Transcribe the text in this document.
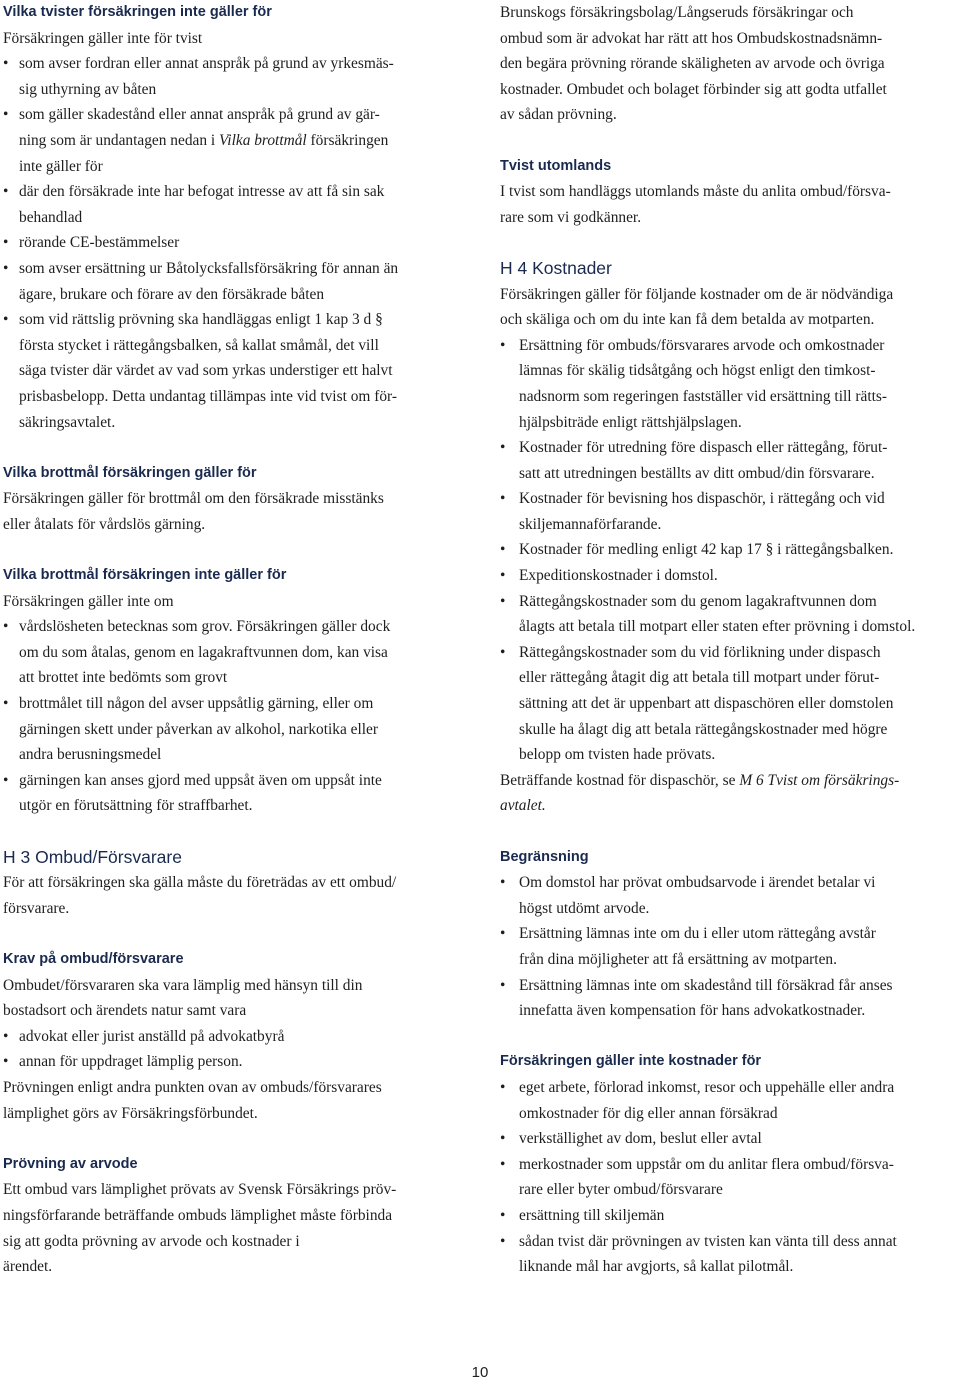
Vilka tvister försäkringen inte gäller för

Försäkringen gäller inte för tvist

• som avser fordran eller annat anspråk på grund av yrkesmäs-

sig uthyrning av båten

• som gäller skadestånd eller annat anspråk på grund av gär-

ning som är undantagen nedan i Vilka brottmål försäkringen

inte gäller för

• där den försäkrade inte har befogat intresse av att få sin sak

behandlad

• rörande CE-bestämmelser

• som avser ersättning ur Båtolycksfallsförsäkring för annan än

ägare, brukare och förare av den försäkrade båten

• som vid rättslig prövning ska handläggas enligt 1 kap 3 d §

första stycket i rättegångsbalken, så kallat småmål, det vill

säga tvister där värdet av vad som yrkas understiger ett halvt

prisbasbelopp. Detta undantag tillämpas inte vid tvist om för-

säkringsavtalet.

Vilka brottmål försäkringen gäller för

Försäkringen gäller för brottmål om den försäkrade misstänks

eller åtalats för vårdslös gärning.

Vilka brottmål försäkringen inte gäller för

Försäkringen gäller inte om

• vårdslösheten betecknas som grov. Försäkringen gäller dock

om du som åtalas, genom en lagakraftvunnen dom, kan visa

att brottet inte bedömts som grovt

• brottmålet till någon del avser uppsåtlig gärning, eller om

gärningen skett under påverkan av alkohol, narkotika eller

andra berusningsmedel

• gärningen kan anses gjord med uppsåt även om uppsåt inte

utgör en förutsättning för straffbarhet.

H 3 Ombud/Försvarare

För att försäkringen ska gälla måste du företrädas av ett ombud/

försvarare.

Krav på ombud/försvarare

Ombudet/försvararen ska vara lämplig med hänsyn till din

bostadsort och ärendets natur samt vara

• advokat eller jurist anställd på advokatbyrå

• annan för uppdraget lämplig person.

Prövningen enligt andra punkten ovan av ombuds/försvarares

lämplighet görs av Försäkringsförbundet.

Prövning av arvode

Ett ombud vars lämplighet prövats av Svensk Försäkrings pröv-

ningsförfarande beträffande ombuds lämplighet måste förbinda

sig att godta prövning av arvode och kostnader i

ärendet.

Brunskogs försäkringsbolag/Långseruds försäkringar och

ombud som är advokat har rätt att hos Ombudskostnadsnämn-

den begära prövning rörande skäligheten av arvode och övriga

kostnader. Ombudet och bolaget förbinder sig att godta utfallet

av sådan prövning.

Tvist utomlands

I tvist som handläggs utomlands måste du anlita ombud/försva-

rare som vi godkänner.

H 4 Kostnader

Försäkringen gäller för följande kostnader om de är nödvändiga

och skäliga och om du inte kan få dem betalda av motparten.

• Ersättning för ombuds/försvarares arvode och omkostnader

lämnas för skälig tidsåtgång och högst enligt den timkost-

nadsnorm som regeringen fastställer vid ersättning till rätts-

hjälpsbiträde enligt rättshjälpslagen.

• Kostnader för utredning före dispasch eller rättegång, förut-

satt att utredningen beställts av ditt ombud/din försvarare.

• Kostnader för bevisning hos dispaschör, i rättegång och vid

skiljemannaförfarande.

• Kostnader för medling enligt 42 kap 17 § i rättegångsbalken.

• Expeditionskostnader i domstol.

• Rättegångskostnader som du genom lagakraftvunnen dom

ålagts att betala till motpart eller staten efter prövning i domstol.

• Rättegångskostnader som du vid förlikning under dispasch

eller rättegång åtagit dig att betala till motpart under förut-

sättning att det är uppenbart att dispaschören eller domstolen

skulle ha ålagt dig att betala rättegångskostnader med högre

belopp om tvisten hade prövats.

Beträffande kostnad för dispaschör, se M 6 Tvist om försäkrings-

avtalet.

Begränsning

• Om domstol har prövat ombudsarvode i ärendet betalar vi

högst utdömt arvode.

• Ersättning lämnas inte om du i eller utom rättegång avstår

från dina möjligheter att få ersättning av motparten.

• Ersättning lämnas inte om skadestånd till försäkrad får anses

innefatta även kompensation för hans advokatkostnader.

Försäkringen gäller inte kostnader för

• eget arbete, förlorad inkomst, resor och uppehälle eller andra

omkostnader för dig eller annan försäkrad

• verkställighet av dom, beslut eller avtal

• merkostnader som uppstår om du anlitar flera ombud/försva-

rare eller byter ombud/försvarare

• ersättning till skiljemän

• sådan tvist där prövningen av tvisten kan vänta till dess annat

liknande mål har avgjorts, så kallat pilotmål.

10
